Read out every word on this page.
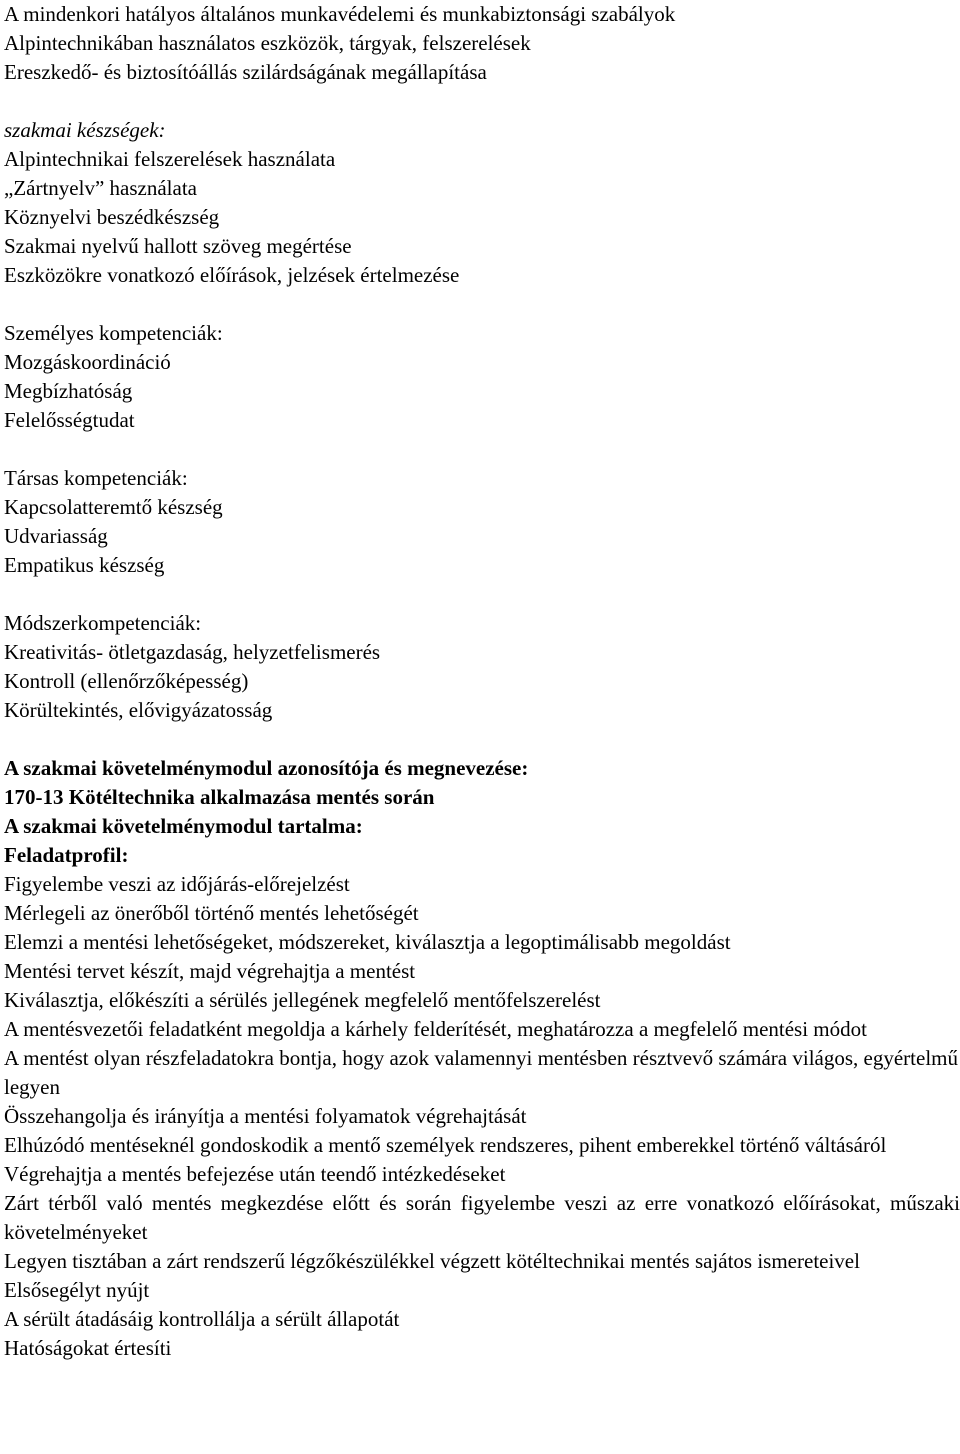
A mindenkori hatályos általános munkavédelemi és munkabiztonsági szabályok
Alpintechnikában használatos eszközök, tárgyak, felszerelések
Ereszkedő- és biztosítóállás szilárdságának megállapítása
szakmai készségek:
Alpintechnikai felszerelések használata
„Zártnyelv” használata
Köznyelvi beszédkészség
Szakmai nyelvű hallott szöveg megértése
Eszközökre vonatkozó előírások, jelzések értelmezése
Személyes kompetenciák:
Mozgáskoordináció
Megbízhatóság
Felelősségtudat
Társas kompetenciák:
Kapcsolatteremtő készség
Udvariasság
Empatikus készség
Módszerkompetenciák:
Kreativitás- ötletgazdaság, helyzetfelismerés
Kontroll (ellenőrzőképesség)
Körültekintés, elővigyázatosság
A szakmai követelménymodul azonosítója és megnevezése:
170-13 Kötéltechnika alkalmazása mentés során
A szakmai követelménymodul tartalma:
Feladatprofil:
Figyelembe veszi az időjárás-előrejelzést
Mérlegeli az önerőből történő mentés lehetőségét
Elemzi a mentési lehetőségeket, módszereket, kiválasztja a legoptimálisabb megoldást
Mentési tervet készít, majd végrehajtja a mentést
Kiválasztja, előkészíti a sérülés jellegének megfelelő mentőfelszerelést
A mentésvezetői feladatként megoldja a kárhely felderítését, meghatározza a megfelelő mentési módot
A mentést olyan részfeladatokra bontja, hogy azok valamennyi mentésben résztvevő számára világos, egyértelmű legyen
Összehangolja és irányítja a mentési folyamatok végrehajtását
Elhúzódó mentéseknél gondoskodik a mentő személyek rendszeres, pihent emberekkel történő váltásáról
Végrehajtja a mentés befejezése után teendő intézkedéseket
Zárt térből való mentés megkezdése előtt és során figyelembe veszi az erre vonatkozó előírásokat, műszaki követelményeket
Legyen tisztában a zárt rendszerű légzőkészülékkel végzett kötéltechnikai mentés sajátos ismereteivel
Elsősegélyt nyújt
A sérült átadásáig kontrollálja a sérült állapotát
Hatóságokat értesíti
